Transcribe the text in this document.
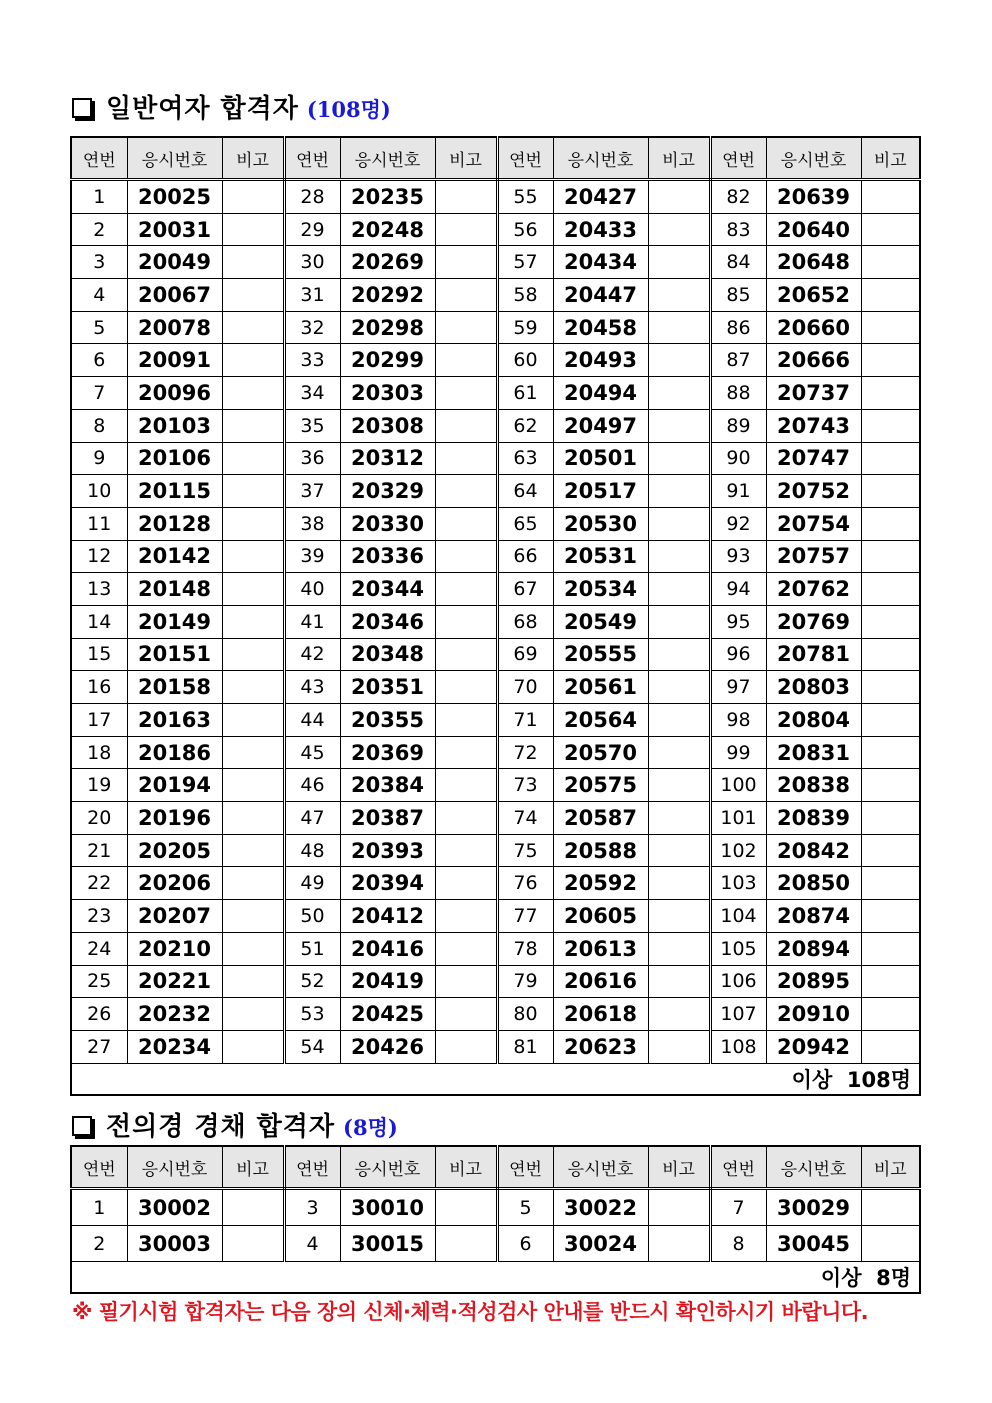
일반여자 합격자 (108명)
연번	응시번호	비고	연번	응시번호	비고	연번	응시번호	비고	연번	응시번호	비고
1	20025		28	20235		55	20427		82	20639	
2	20031		29	20248		56	20433		83	20640	
3	20049		30	20269		57	20434		84	20648	
4	20067		31	20292		58	20447		85	20652	
5	20078		32	20298		59	20458		86	20660	
6	20091		33	20299		60	20493		87	20666	
7	20096		34	20303		61	20494		88	20737	
8	20103		35	20308		62	20497		89	20743	
9	20106		36	20312		63	20501		90	20747	
10	20115		37	20329		64	20517		91	20752	
11	20128		38	20330		65	20530		92	20754	
12	20142		39	20336		66	20531		93	20757	
13	20148		40	20344		67	20534		94	20762	
14	20149		41	20346		68	20549		95	20769	
15	20151		42	20348		69	20555		96	20781	
16	20158		43	20351		70	20561		97	20803	
17	20163		44	20355		71	20564		98	20804	
18	20186		45	20369		72	20570		99	20831	
19	20194		46	20384		73	20575		100	20838	
20	20196		47	20387		74	20587		101	20839	
21	20205		48	20393		75	20588		102	20842	
22	20206		49	20394		76	20592		103	20850	
23	20207		50	20412		77	20605		104	20874	
24	20210		51	20416		78	20613		105	20894	
25	20221		52	20419		79	20616		106	20895	
26	20232		53	20425		80	20618		107	20910	
27	20234		54	20426		81	20623		108	20942	
이상  108명											
전의경 경채 합격자 (8명)
연번	응시번호	비고	연번	응시번호	비고	연번	응시번호	비고	연번	응시번호	비고
1	30002		3	30010		5	30022		7	30029	
2	30003		4	30015		6	30024		8	30045	
이상  8명											
※ 필기시험 합격자는 다음 장의 신체·체력·적성검사 안내를 반드시 확인하시기 바랍니다.
